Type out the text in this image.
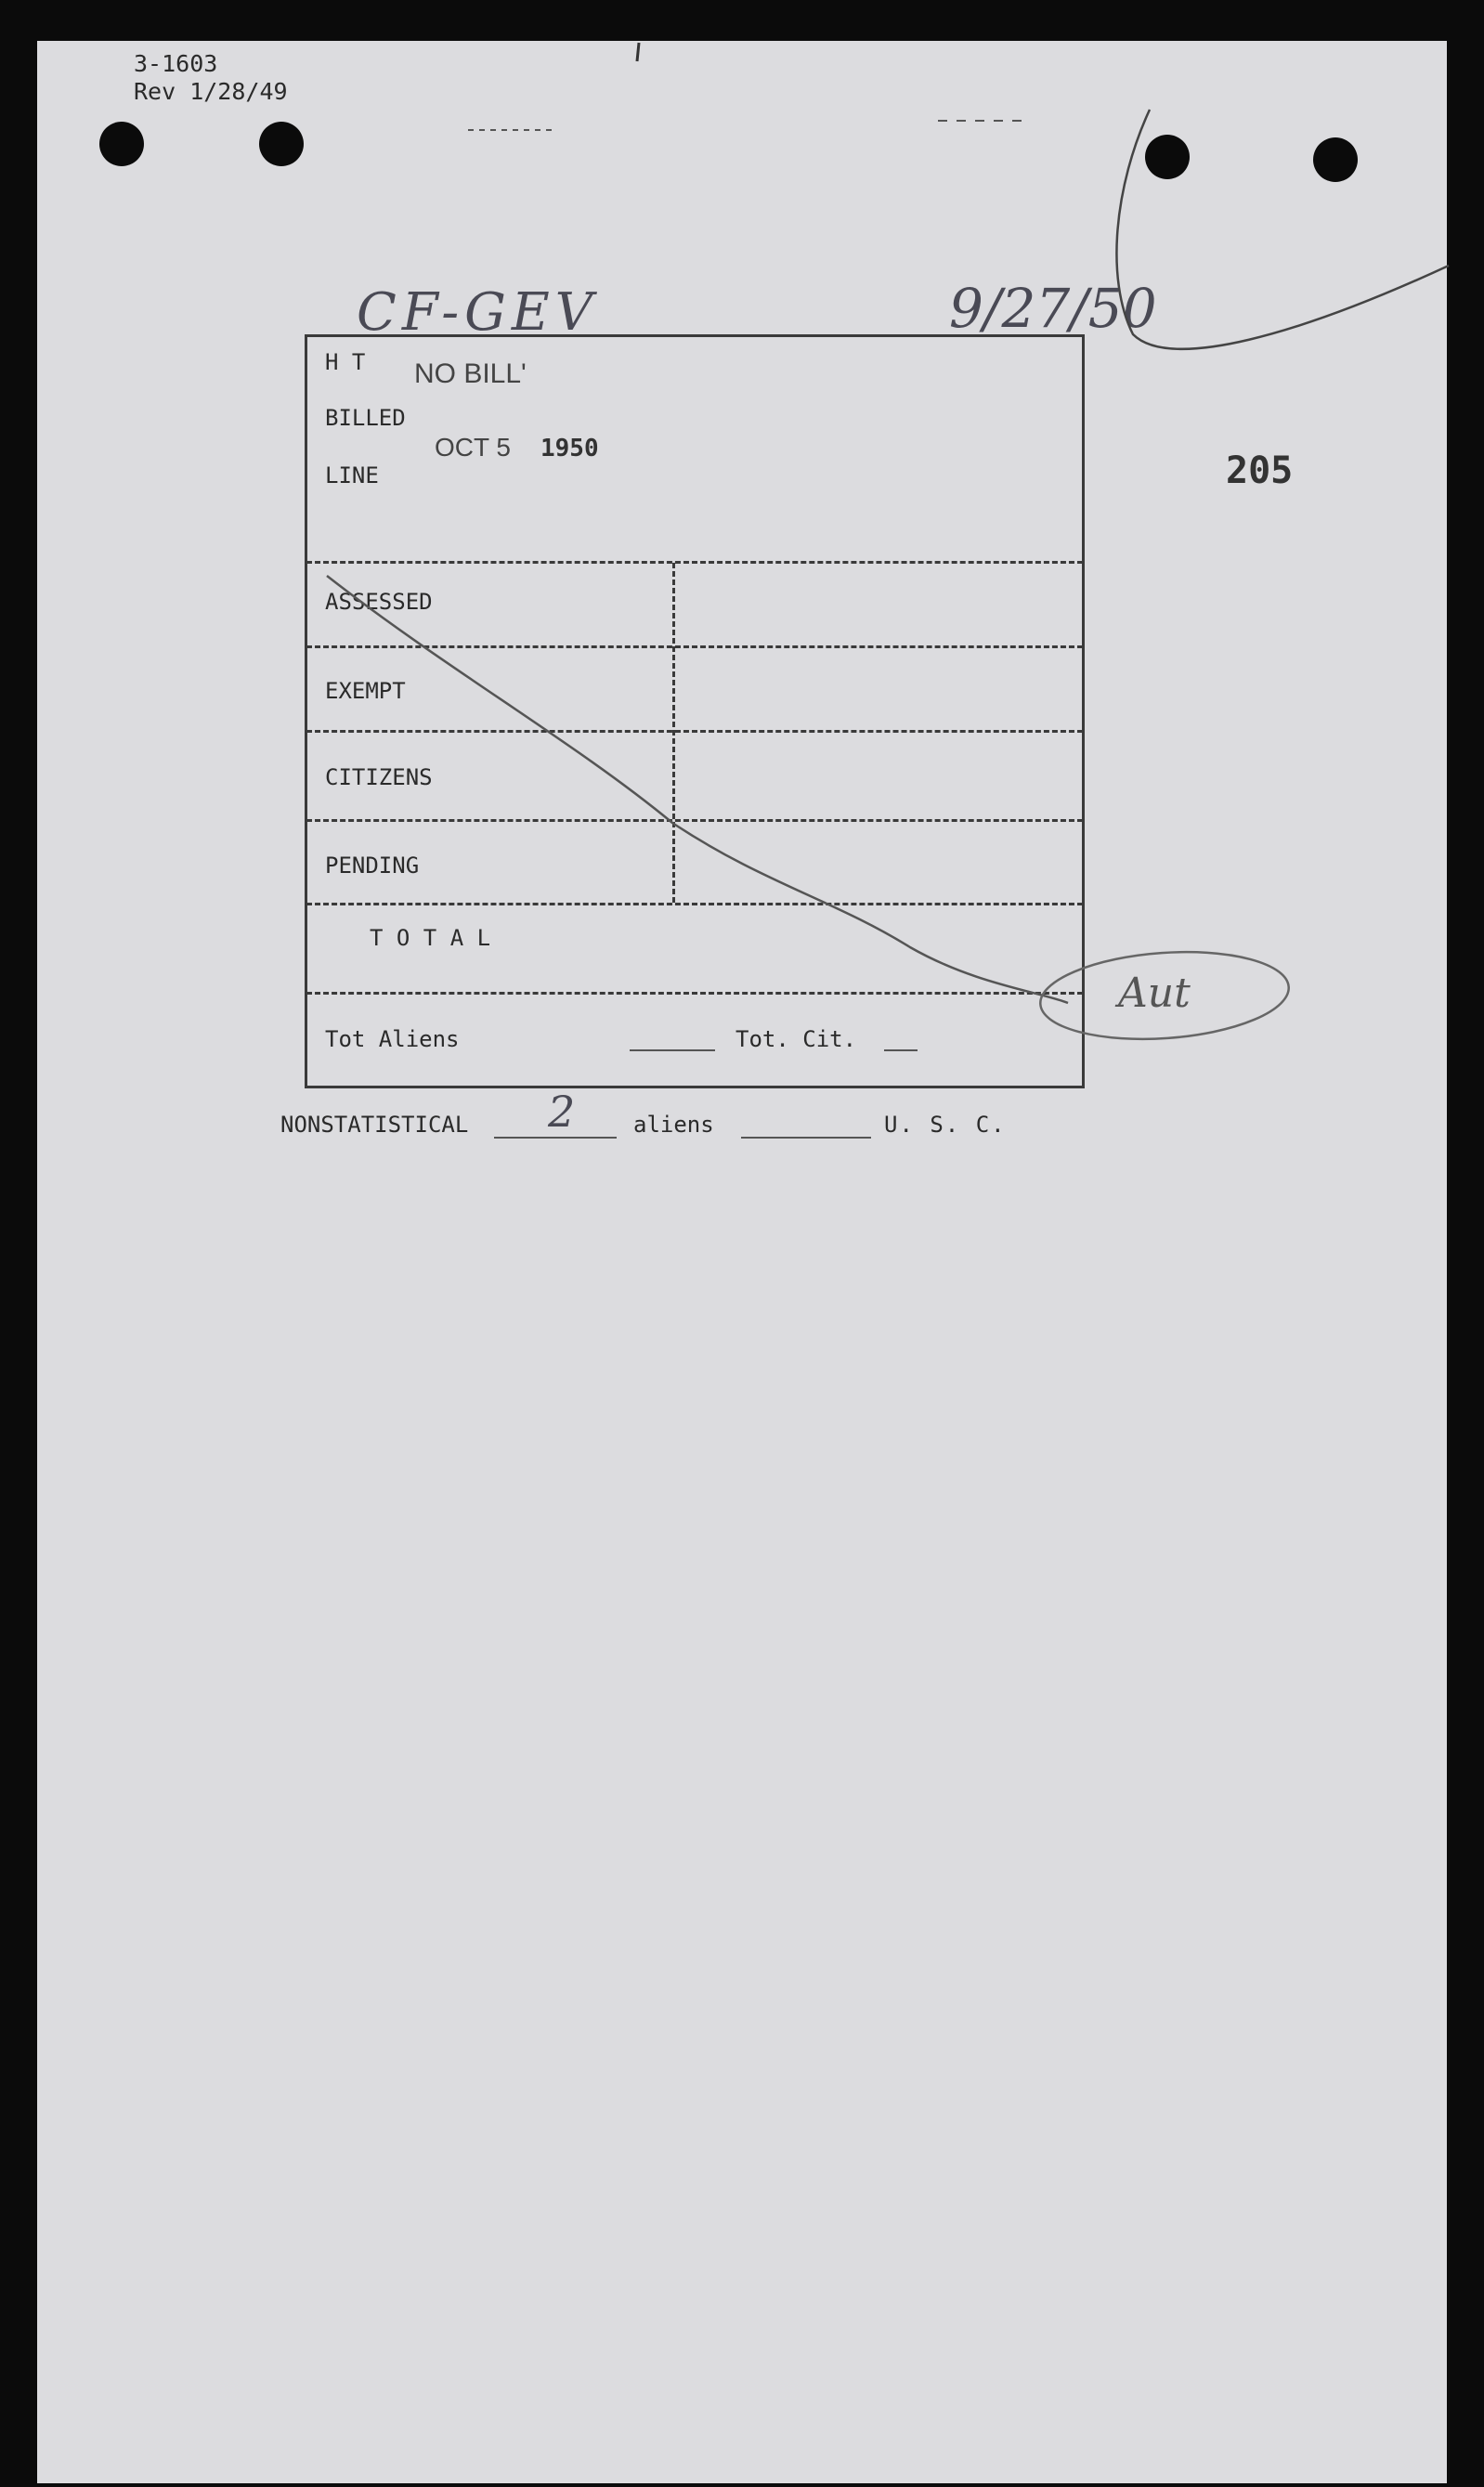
3-1603
Rev 1/28/49
CF-GEV	9/27/50
205
H T NO BILL'
BILLED
OCT 5 1950
LINE
ASSESSED
EXEMPT
CITIZENS
PENDING
T O T A L
Tot Aliens	Tot. Cit.
NONSTATISTICAL 2	aliens	U. S. C.
Aut
